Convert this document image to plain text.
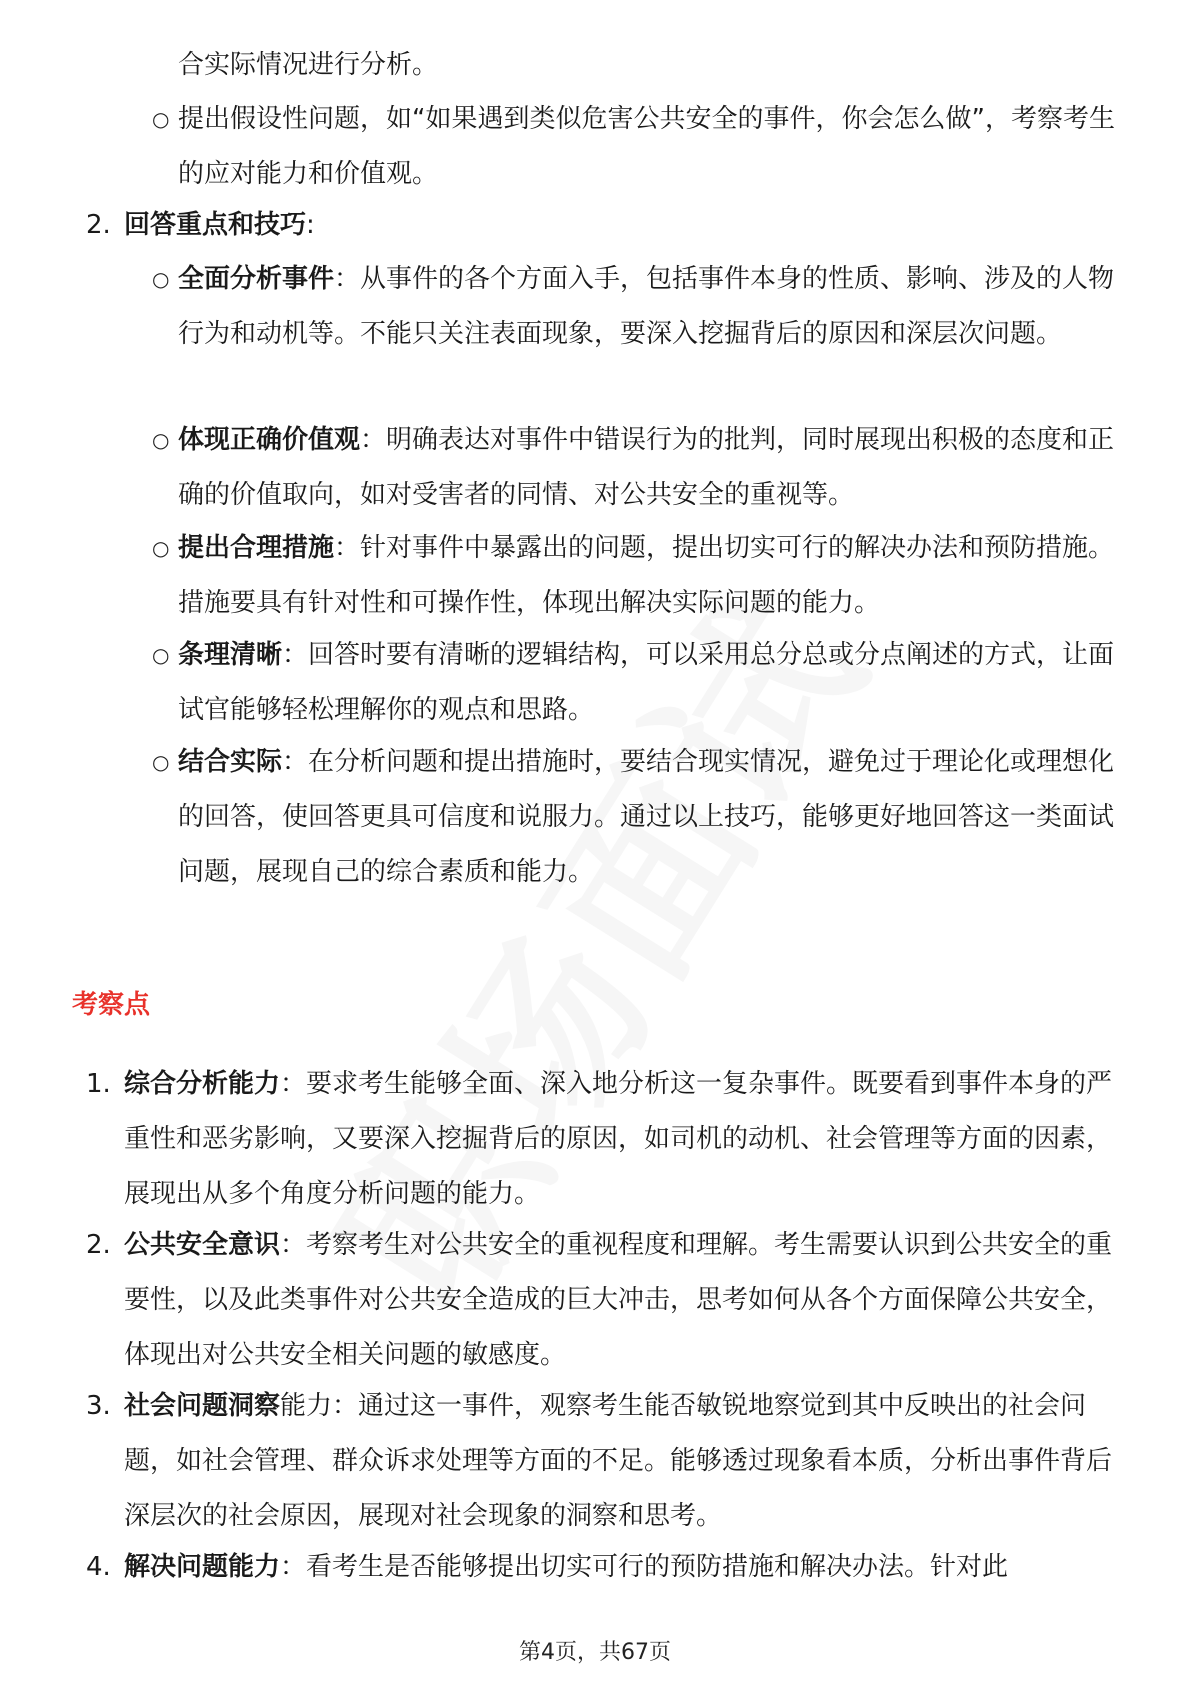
合实际情况进行分析。
○ 提出假设性问题，如“如果遇到类似危害公共安全的事件，你会怎么做”，考察考生的应对能力和价值观。
2. 回答重点和技巧:
○ 全面分析事件：从事件的各个方面入手，包括事件本身的性质、影响、涉及的人物行为和动机等。不能只关注表面现象，要深入挖掘背后的原因和深层次问题。
○ 体现正确价值观：明确表达对事件中错误行为的批判，同时展现出积极的态度和正确的价值取向，如对受害者的同情、对公共安全的重视等。
○ 提出合理措施：针对事件中暴露出的问题，提出切实可行的解决办法和预防措施。措施要具有针对性和可操作性，体现出解决实际问题的能力。
○ 条理清晰：回答时要有清晰的逻辑结构，可以采用总分总或分点阐述的方式，让面试官能够轻松理解你的观点和思路。
○ 结合实际：在分析问题和提出措施时，要结合现实情况，避免过于理论化或理想化的回答，使回答更具可信度和说服力。通过以上技巧，能够更好地回答这一类面试问题，展现自己的综合素质和能力。
考察点
1. 综合分析能力：要求考生能够全面、深入地分析这一复杂事件。既要看到事件本身的严重性和恶劣影响，又要深入挖掘背后的原因，如司机的动机、社会管理等方面的因素，展现出从多个角度分析问题的能力。
2. 公共安全意识：考察考生对公共安全的重视程度和理解。考生需要认识到公共安全的重要性，以及此类事件对公共安全造成的巨大冲击，思考如何从各个方面保障公共安全，体现出对公共安全相关问题的敏感度。
3. 社会问题洞察能力：通过这一事件，观察考生能否敏锐地察觉到其中反映出的社会问题，如社会管理、群众诉求处理等方面的不足。能够透过现象看本质，分析出事件背后深层次的社会原因，展现对社会现象的洞察和思考。
4. 解决问题能力：看考生是否能够提出切实可行的预防措施和解决办法。针对此
第4页，共67页
